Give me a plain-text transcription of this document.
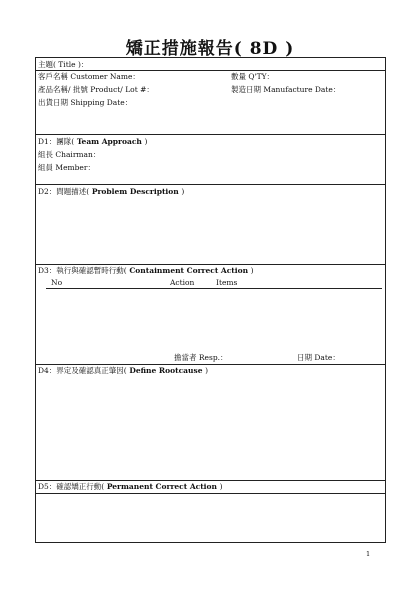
矯正措施報告( 8D )
主題( Title )：
客戶名稱 Customer Name：	數量 Q'TY：
產品名稱/ 批號 Product/ Lot #：	製造日期 Manufacture Date：
出貨日期 Shipping Date：
D1：團隊( Team Approach )
組長 Chairman：
組員 Member：
D2：問題描述( Problem Description )
D3：執行與確認暫時行動( Containment Correct Action )
No	Action	Items
擔當者 Resp.：	日期 Date：
D4：界定及確認真正肇因( Define Rootcause )
D5：確認矯正行動( Permanent Correct Action )
1
